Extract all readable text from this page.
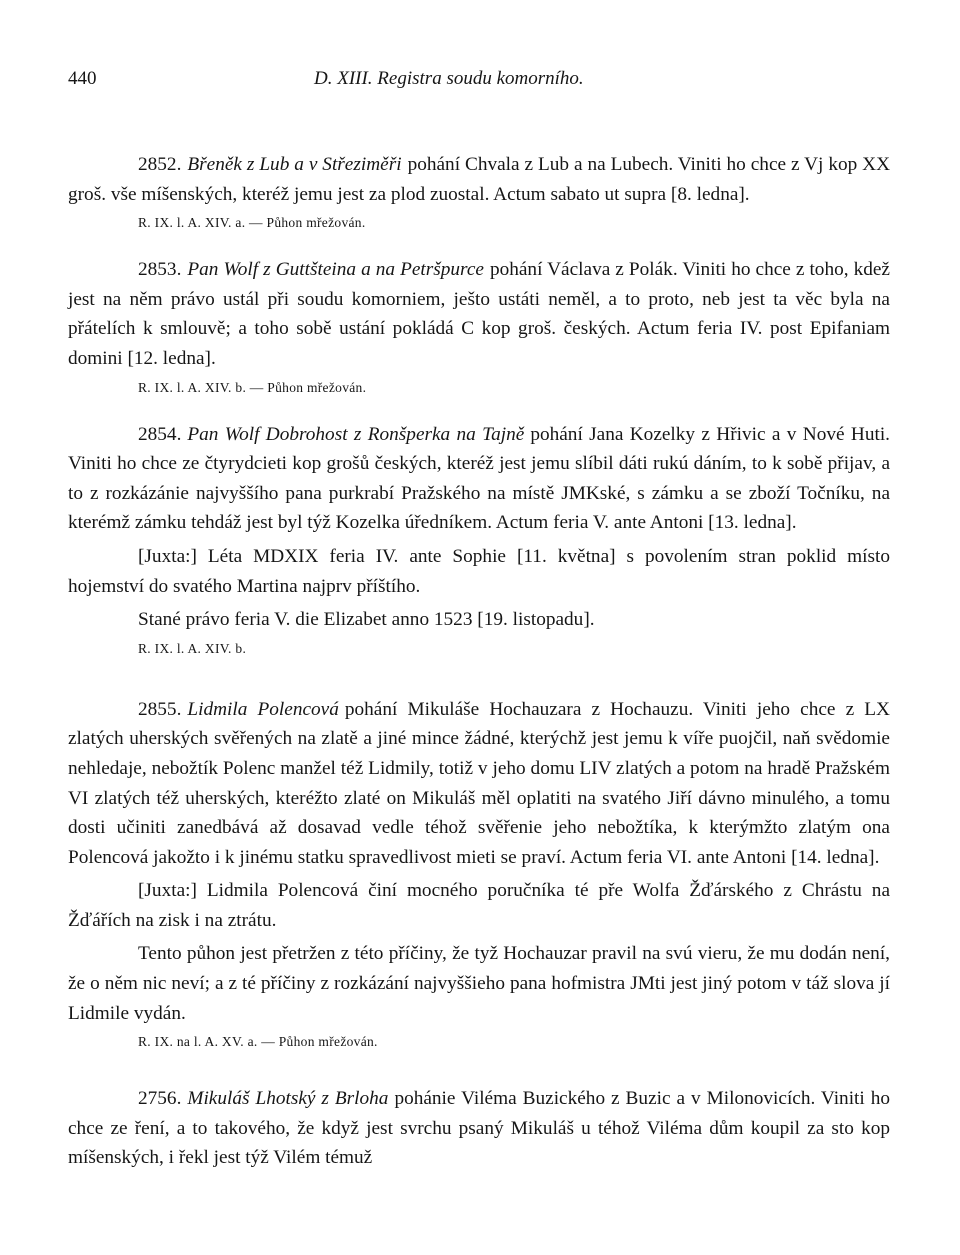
440	D. XIII. Registra soudu komorního.

2852. Břeněk z Lub a v Střeziměři pohání Chvala z Lub a na Lubech. Viniti ho chce z Vj kop XX groš. vše míšenských, kteréž jemu jest za plod zuostal. Actum sabato ut supra [8. ledna].

R. IX. l. A. XIV. a. — Půhon mřežován.

2853. Pan Wolf z Guttšteina a na Petršpurce pohání Václava z Polák. Viniti ho chce z toho, kdež jest na něm právo ustál při soudu komorniem, ješto ustáti neměl, a to proto, neb jest ta věc byla na přátelích k smlouvě; a toho sobě ustání pokládá C kop groš. českých. Actum feria IV. post Epifaniam domini [12. ledna].

R. IX. l. A. XIV. b. — Půhon mřežován.

2854. Pan Wolf Dobrohost z Ronšperka na Tajně pohání Jana Kozelky z Hřivic a v Nové Huti. Viniti ho chce ze čtyrydcieti kop grošů českých, kteréž jest jemu slíbil dáti rukú dáním, to k sobě přijav, a to z rozkázánie najvyššího pana purkrabí Pražského na místě JMKské, s zámku a se zboží Točníku, na kterémž zámku tehdáž jest byl týž Kozelka úředníkem. Actum feria V. ante Antoni [13. ledna].

[Juxta:] Léta MDXIX feria IV. ante Sophie [11. května] s povolením stran poklid místo hojemství do svatého Martina najprv příštího.

Stané právo feria V. die Elizabet anno 1523 [19. listopadu].

R. IX. l. A. XIV. b.

2855. Lidmila Polencová pohání Mikuláše Hochauzara z Hochauzu. Viniti jeho chce z LX zlatých uherských svěřených na zlatě a jiné mince žádné, kterýchž jest jemu k víře puojčil, naň svědomie nehledaje, nebožtík Polenc manžel též Lidmily, totiž v jeho domu LIV zlatých a potom na hradě Pražském VI zlatých též uherských, kteréžto zlaté on Mikuláš měl oplatiti na svatého Jiří dávno minulého, a tomu dosti učiniti zanedbává až dosavad vedle téhož svěřenie jeho nebožtíka, k kterýmžto zlatým ona Polencová jakožto i k jinému statku spravedlivost mieti se praví. Actum feria VI. ante Antoni [14. ledna].

[Juxta:] Lidmila Polencová činí mocného poručníka té pře Wolfa Žďárského z Chrástu na Žďářích na zisk i na ztrátu.

Tento půhon jest přetržen z této příčiny, že tyž Hochauzar pravil na svú vieru, že mu dodán není, že o něm nic neví; a z té příčiny z rozkázání najvyššieho pana hofmistra JMti jest jiný potom v táž slova jí Lidmile vydán.

R. IX. na l. A. XV. a. — Půhon mřežován.

2756. Mikuláš Lhotský z Brloha pohánie Viléma Buzického z Buzic a v Milonovicích. Viniti ho chce ze ření, a to takového, že když jest svrchu psaný Mikuláš u téhož Viléma dům koupil za sto kop míšenských, i řekl jest týž Vilém témuž
